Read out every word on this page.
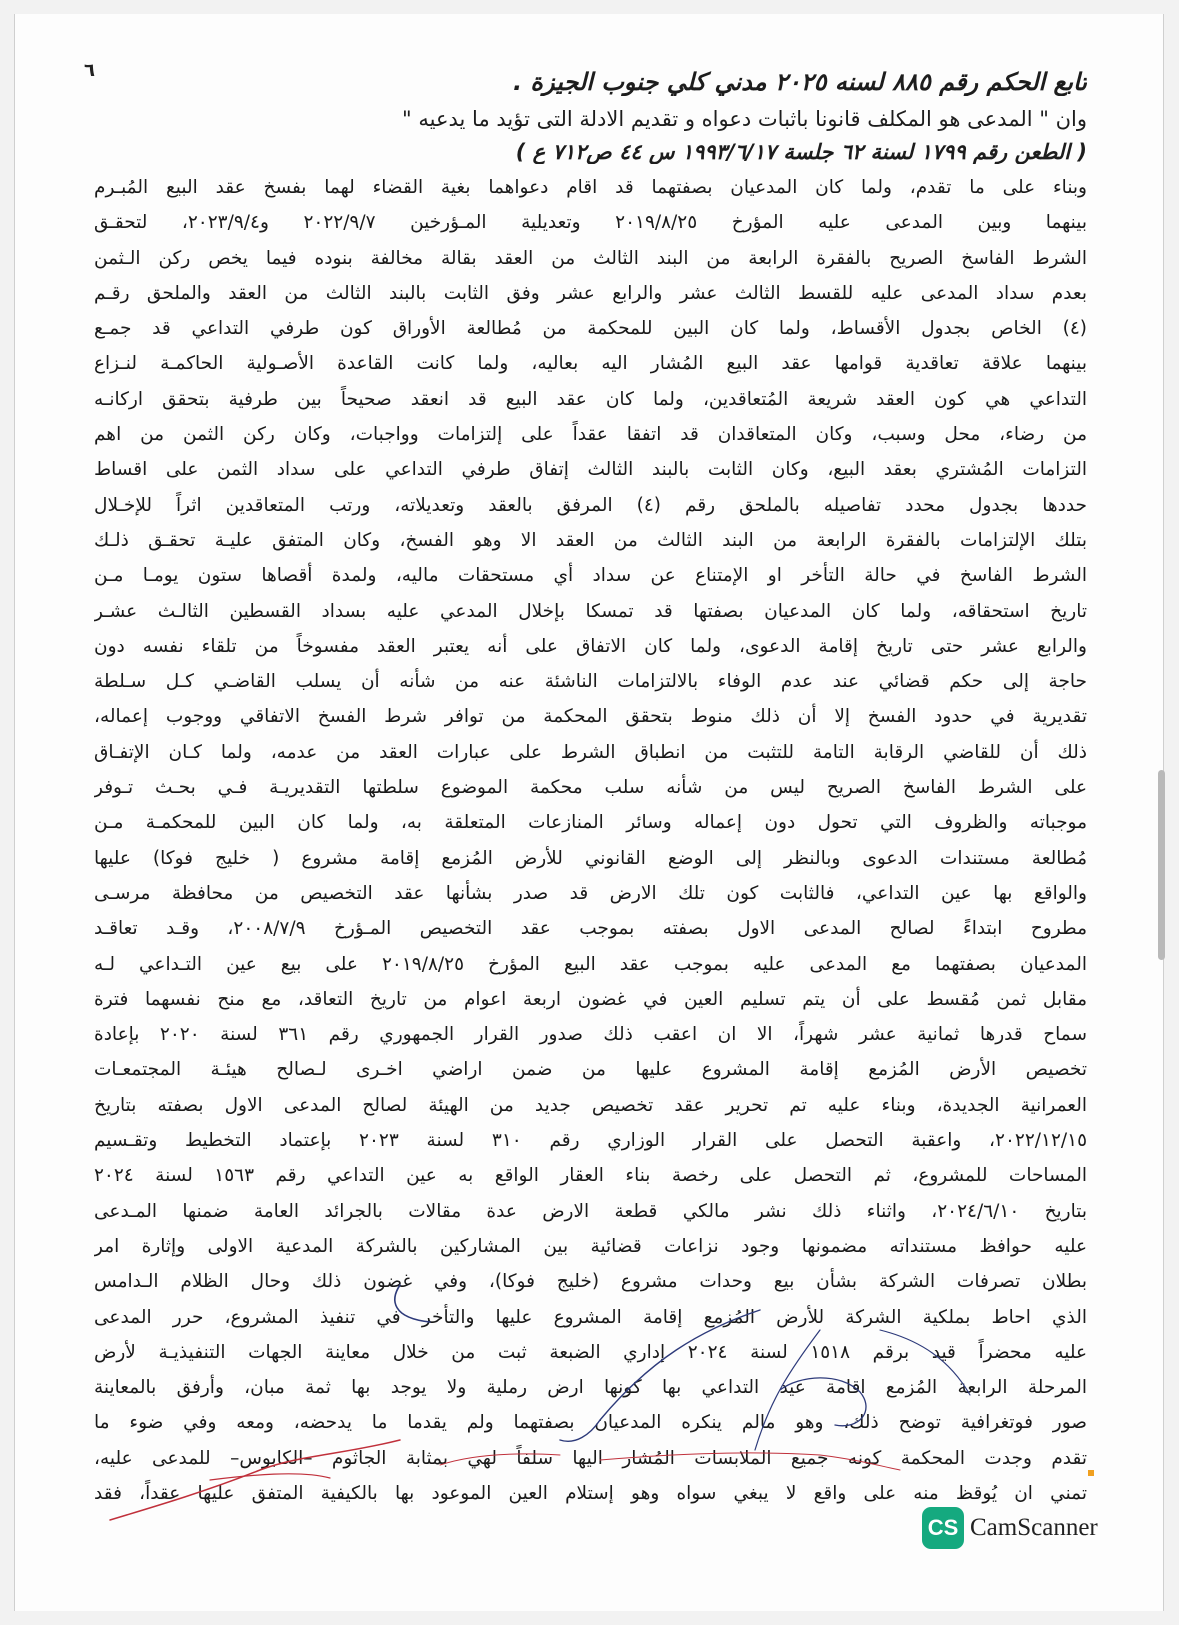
٦	تابع الحكم رقم ٨٨٥ لسنه ٢٠٢٥ مدني كلي جنوب الجيزة .
وان " المدعى هو المكلف قانونا باثبات دعواه و تقديم الادلة التى تؤيد ما يدعيه "
( الطعن رقم ١٧٩٩ لسنة ٦٢ جلسة ١٩٩٣/٦/١٧ س ٤٤ ص٧١٢ ع )
وبناء على ما تقدم، ولما كان المدعيان بصفتهما قد اقام دعواهما بغية القضاء لهما بفسخ عقد البيع المُبـرم
بينهما وبين المدعى عليه المؤرخ ٢٠١٩/٨/٢٥ وتعديلية المـؤرخين ٢٠٢٢/٩/٧ و٢٠٢٣/٩/٤، لتحقـق
الشرط الفاسخ الصريح بالفقرة الرابعة من البند الثالث من العقد بقالة مخالفة بنوده فيما يخص ركن الـثمن
بعدم سداد المدعى عليه للقسط الثالث عشر والرابع عشر وفق الثابت بالبند الثالث من العقد والملحق رقـم
(٤) الخاص بجدول الأقساط، ولما كان البين للمحكمة من مُطالعة الأوراق كون طرفي التداعي قد جمـع
بينهما علاقة تعاقدية قوامها عقد البيع المُشار اليه بعاليه، ولما كانت القاعدة الأصـولية الحاكمـة لنـزاع
التداعي هي كون العقد شريعة المُتعاقدين، ولما كان عقد البيع قد انعقد صحيحاً بين طرفية بتحقق اركانـه
من رضاء، محل وسبب، وكان المتعاقدان قد اتفقا عقداً على إلتزامات وواجبات، وكان ركن الثمن من اهم
التزامات المُشتري بعقد البيع، وكان الثابت بالبند الثالث إتفاق طرفي التداعي على سداد الثمن على اقساط
حددها بجدول محدد تفاصيله بالملحق رقم (٤) المرفق بالعقد وتعديلاته، ورتب المتعاقدين اثراً للإخـلال
بتلك الإلتزامات بالفقرة الرابعة من البند الثالث من العقد الا وهو الفسخ، وكان المتفق عليـة تحقـق ذلـك
الشرط الفاسخ في حالة التأخر او الإمتناع عن سداد أي مستحقات ماليه، ولمدة أقصاها ستون يومـا مـن
تاريخ استحقاقه، ولما كان المدعيان بصفتها قد تمسكا بإخلال المدعي عليه بسداد القسطين الثالـث عشـر
والرابع عشر حتى تاريخ إقامة الدعوى، ولما كان الاتفاق على أنه يعتبر العقد مفسوخاً من تلقاء نفسه دون
حاجة إلى حكم قضائي عند عدم الوفاء بالالتزامات الناشئة عنه من شأنه أن يسلب القاضـي كـل سـلطة
تقديرية في حدود الفسخ إلا أن ذلك منوط بتحقق المحكمة من توافر شرط الفسخ الاتفاقي ووجوب إعماله،
ذلك أن للقاضي الرقابة التامة للتثبت من انطباق الشرط على عبارات العقد من عدمه، ولما كـان الإتفـاق
على الشرط الفاسخ الصريح ليس من شأنه سلب محكمة الموضوع سلطتها التقديريـة فـي بحـث تـوفر
موجباته والظروف التي تحول دون إعماله وسائر المنازعات المتعلقة به، ولما كان البين للمحكمـة مـن
مُطالعة مستندات الدعوى وبالنظر إلى الوضع القانوني للأرض المُزمع إقامة مشروع ( خليج فوكا) عليها
والواقع بها عين التداعي، فالثابت كون تلك الارض قد صدر بشأنها عقد التخصيص من محافظة مرسـى
مطروح ابتداءً لصالح المدعى الاول بصفته بموجب عقد التخصيص المـؤرخ ٢٠٠٨/٧/٩، وقـد تعاقـد
المدعيان بصفتهما مع المدعى عليه بموجب عقد البيع المؤرخ ٢٠١٩/٨/٢٥ على بيع عين التـداعي لـه
مقابل ثمن مُقسط على أن يتم تسليم العين في غضون اربعة اعوام من تاريخ التعاقد، مع منح نفسهما فترة
سماح قدرها ثمانية عشر شهراً، الا ان اعقب ذلك صدور القرار الجمهوري رقم ٣٦١ لسنة ٢٠٢٠ بإعادة
تخصيص الأرض المُزمع إقامة المشروع عليها من ضمن اراضي اخـرى لـصالح هيئـة المجتمعـات
العمرانية الجديدة، وبناء عليه تم تحرير عقد تخصيص جديد من الهيئة لصالح المدعى الاول بصفته بتاريخ
٢٠٢٢/١٢/١٥، واعقبة التحصل على القرار الوزاري رقم ٣١٠ لسنة ٢٠٢٣ بإعتماد التخطيط وتقـسيم
المساحات للمشروع، ثم التحصل على رخصة بناء العقار الواقع به عين التداعي رقم ١٥٦٣ لسنة ٢٠٢٤
بتاريخ ٢٠٢٤/٦/١٠، واثناء ذلك نشر مالكي قطعة الارض عدة مقالات بالجرائد العامة ضمنها المـدعى
عليه حوافظ مستنداته مضمونها وجود نزاعات قضائية بين المشاركين بالشركة المدعية الاولى وإثارة امر
بطلان تصرفات الشركة بشأن بيع وحدات مشروع (خليج فوكا)، وفي غضون ذلك وحال الظلام الـدامس
الذي احاط بملكية الشركة للأرض المُزمع إقامة المشروع عليها والتأخر في تنفيذ المشروع، حرر المدعى
عليه محضراً قيد برقم ١٥١٨ لسنة ٢٠٢٤ إداري الضبعة ثبت من خلال معاينة الجهات التنفيذيـة لأرض
المرحلة الرابعة المُزمع اقامة عيد التداعي بها كونها ارض رملية ولا يوجد بها ثمة مبان، وأرفق بالمعاينة
صور فوتغرافية توضح ذلك، وهو مالم ينكره المدعيان بصفتهما ولم يقدما ما يدحضه، ومعه وفي ضوء ما
تقدم وجدت المحكمة كونه جميع الملابسات المُشار اليها سلفاً لهي بمثابة الجاثوم –الكابوس– للمدعى عليه،
تمني ان يُوقظ منه على واقع لا يبغي سواه وهو إستلام العين الموعود بها بالكيفية المتفق عليها عقداً، فقد
CS CamScanner
